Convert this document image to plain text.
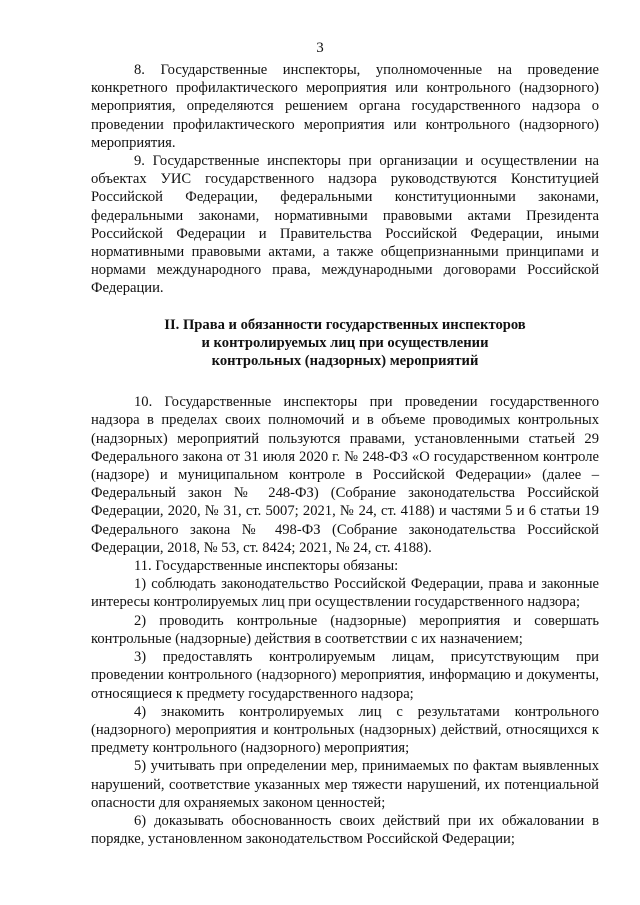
3

8. Государственные инспекторы, уполномоченные на проведение конкретного профилактического мероприятия или контрольного (надзорного) мероприятия, определяются решением органа государственного надзора о проведении профилактического мероприятия или контрольного (надзорного) мероприятия.

9. Государственные инспекторы при организации и осуществлении на объектах УИС государственного надзора руководствуются Конституцией Российской Федерации, федеральными конституционными законами, федеральными законами, нормативными правовыми актами Президента Российской Федерации и Правительства Российской Федерации, иными нормативными правовыми актами, а также общепризнанными принципами и нормами международного права, международными договорами Российской Федерации.

II. Права и обязанности государственных инспекторов
и контролируемых лиц при осуществлении
контрольных (надзорных) мероприятий

10. Государственные инспекторы при проведении государственного надзора в пределах своих полномочий и в объеме проводимых контрольных (надзорных) мероприятий пользуются правами, установленными статьей 29 Федерального закона от 31 июля 2020 г. № 248-ФЗ «О государственном контроле (надзоре) и муниципальном контроле в Российской Федерации» (далее – Федеральный закон № 248-ФЗ) (Собрание законодательства Российской Федерации, 2020, № 31, ст. 5007; 2021, № 24, ст. 4188) и частями 5 и 6 статьи 19 Федерального закона № 498-ФЗ (Собрание законодательства Российской Федерации, 2018, № 53, ст. 8424; 2021, № 24, ст. 4188).

11. Государственные инспекторы обязаны:

1) соблюдать законодательство Российской Федерации, права и законные интересы контролируемых лиц при осуществлении государственного надзора;

2) проводить контрольные (надзорные) мероприятия и совершать контрольные (надзорные) действия в соответствии с их назначением;

3) предоставлять контролируемым лицам, присутствующим при проведении контрольного (надзорного) мероприятия, информацию и документы, относящиеся к предмету государственного надзора;

4) знакомить контролируемых лиц с результатами контрольного (надзорного) мероприятия и контрольных (надзорных) действий, относящихся к предмету контрольного (надзорного) мероприятия;

5) учитывать при определении мер, принимаемых по фактам выявленных нарушений, соответствие указанных мер тяжести нарушений, их потенциальной опасности для охраняемых законом ценностей;

6) доказывать обоснованность своих действий при их обжаловании в порядке, установленном законодательством Российской Федерации;
